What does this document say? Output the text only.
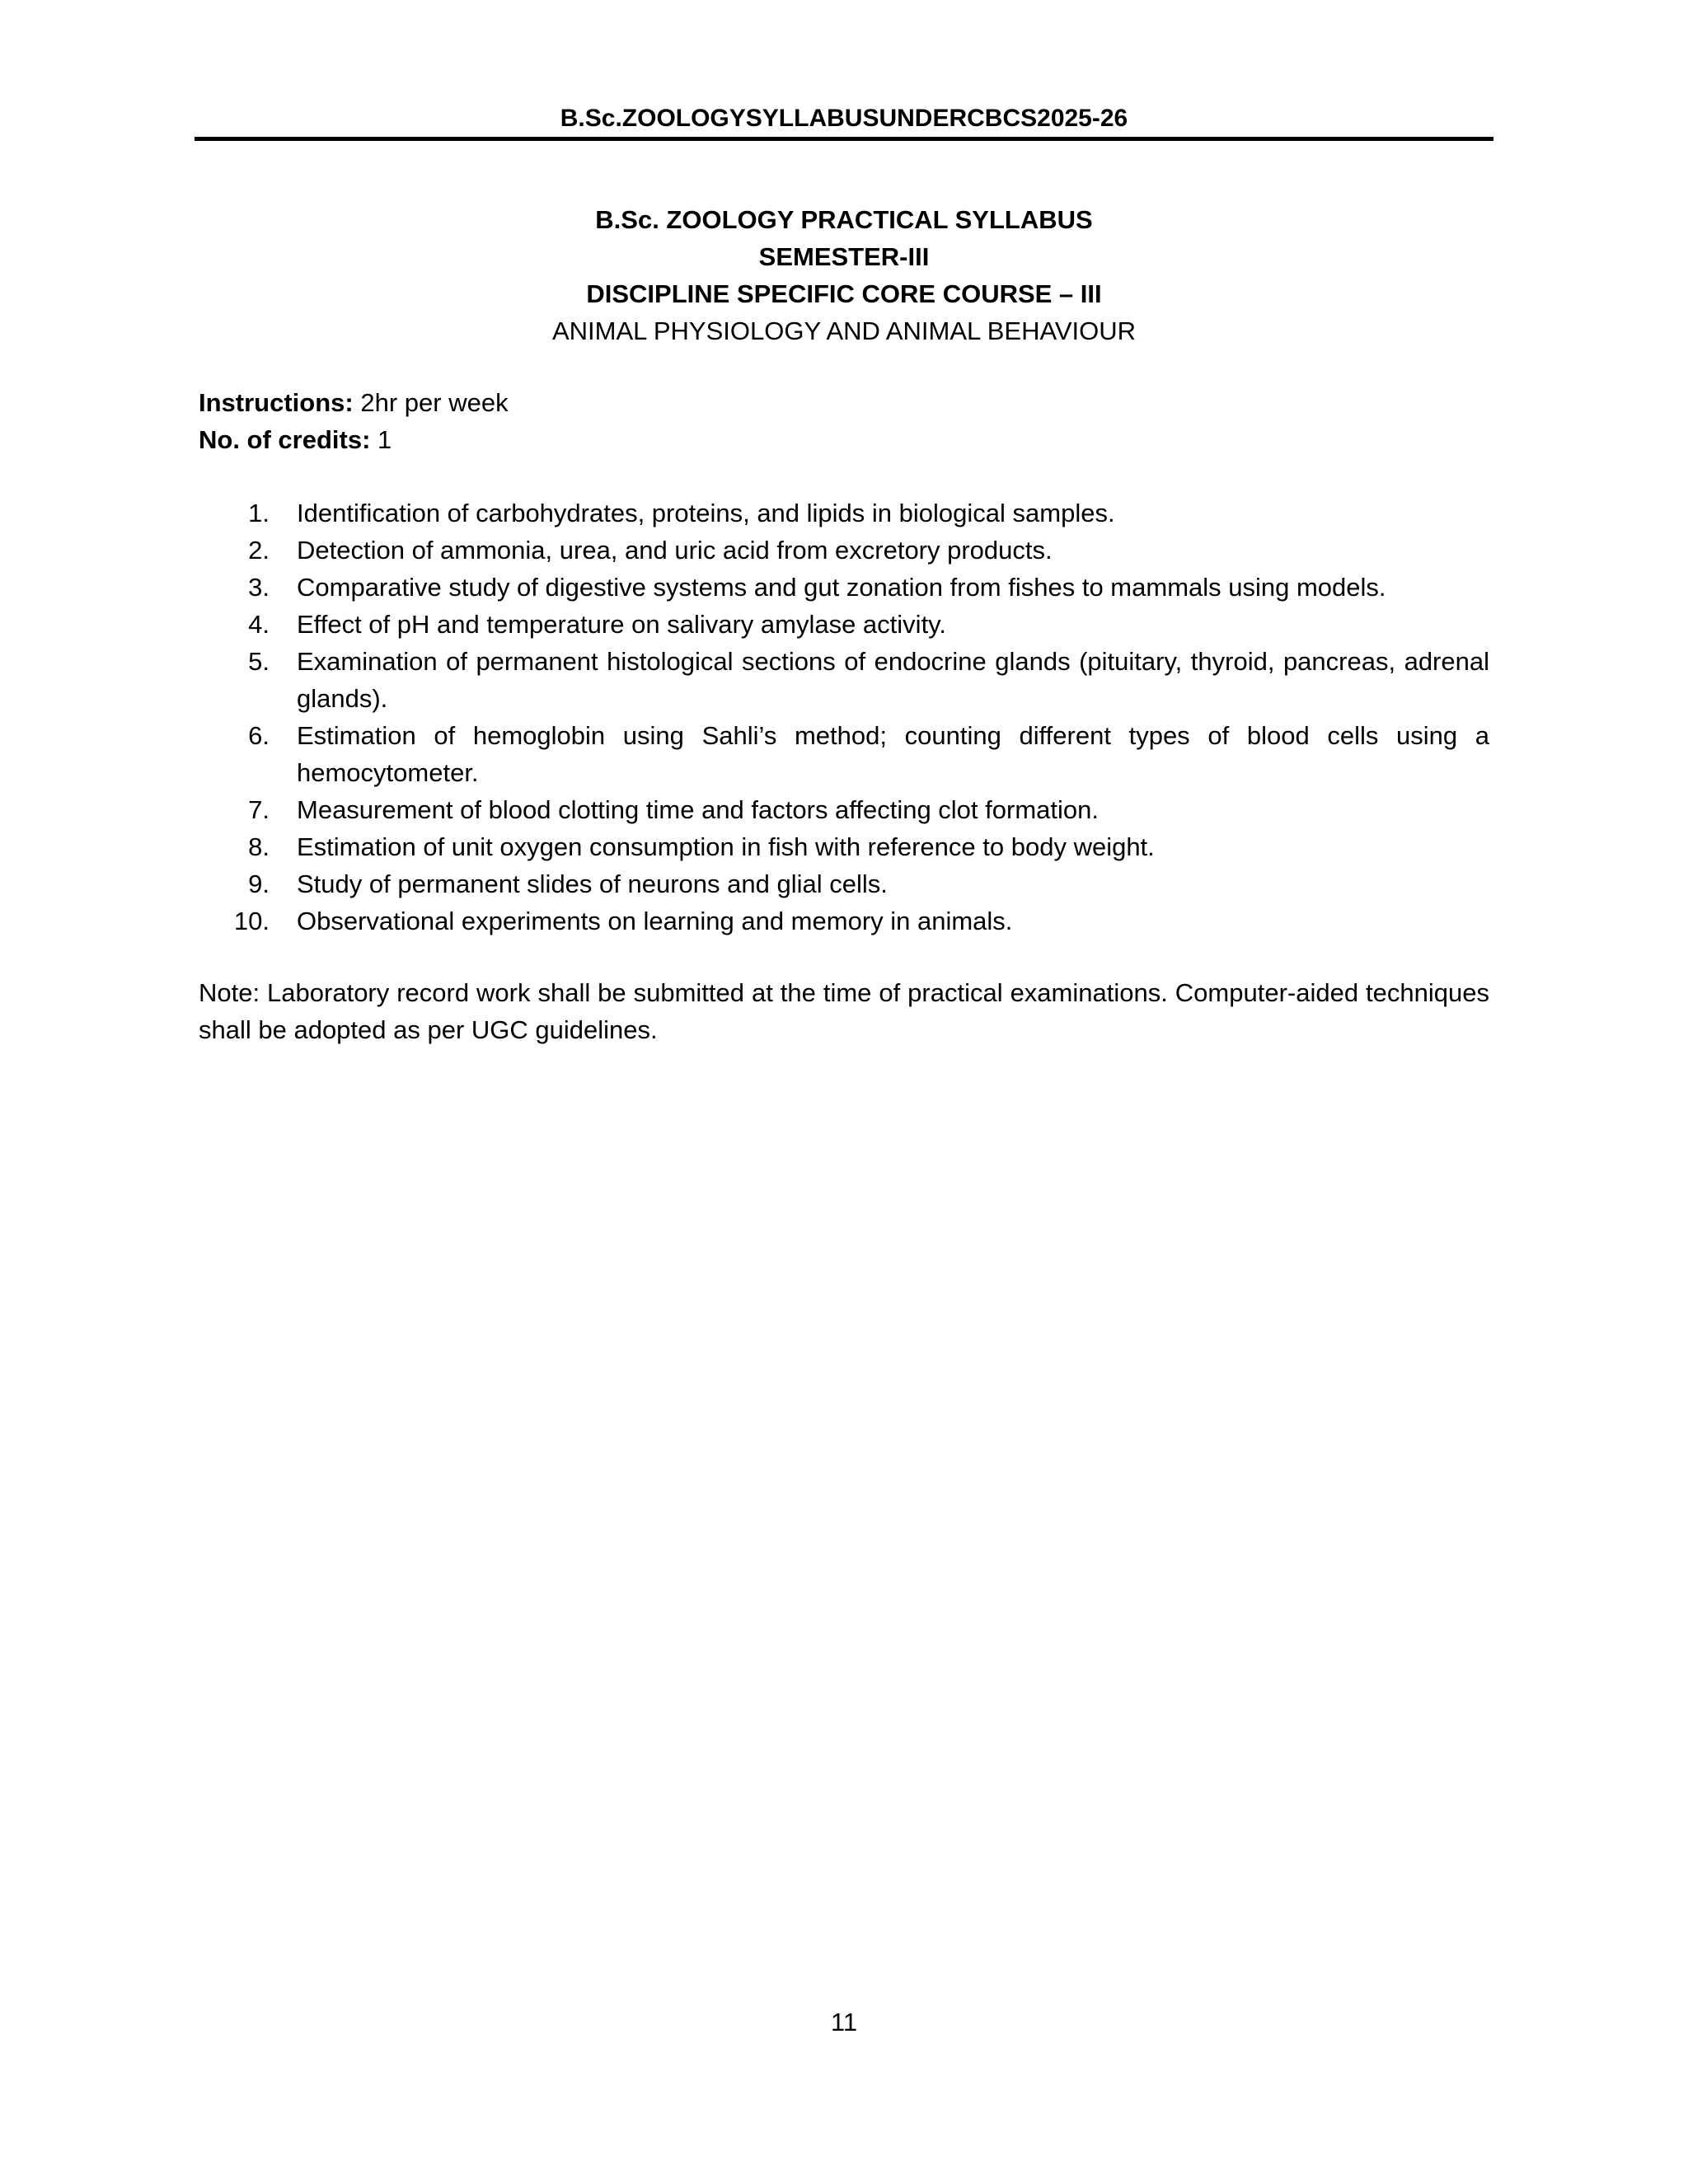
B.Sc.ZOOLOGYSYLLABUSUNDERCBCS2025-26
B.Sc. ZOOLOGY PRACTICAL SYLLABUS
SEMESTER-III
DISCIPLINE SPECIFIC CORE COURSE – III
ANIMAL PHYSIOLOGY AND ANIMAL BEHAVIOUR
Instructions: 2hr per week
No. of credits: 1
1. Identification of carbohydrates, proteins, and lipids in biological samples.
2. Detection of ammonia, urea, and uric acid from excretory products.
3. Comparative study of digestive systems and gut zonation from fishes to mammals using models.
4. Effect of pH and temperature on salivary amylase activity.
5. Examination of permanent histological sections of endocrine glands (pituitary, thyroid, pancreas, adrenal glands).
6. Estimation of hemoglobin using Sahli’s method; counting different types of blood cells using a hemocytometer.
7. Measurement of blood clotting time and factors affecting clot formation.
8. Estimation of unit oxygen consumption in fish with reference to body weight.
9. Study of permanent slides of neurons and glial cells.
10. Observational experiments on learning and memory in animals.
Note: Laboratory record work shall be submitted at the time of practical examinations. Computer-aided techniques shall be adopted as per UGC guidelines.
11
